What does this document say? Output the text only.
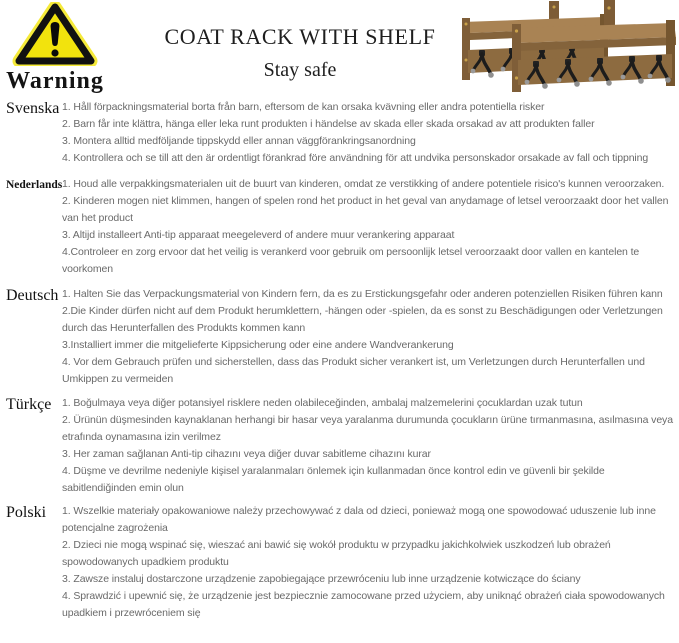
Warning
COAT RACK WITH SHELF
Stay safe
Svenska 1. Håll förpackningsmaterial borta från barn, eftersom de kan orsaka kvävning eller andra potentiella risker

2. Barn får inte klättra, hänga eller leka runt produkten i händelse av skada eller skada orsakad av att produkten faller

3. Montera alltid medföljande tippskydd eller annan väggförankringsanordning

4. Kontrollera och se till att den är ordentligt förankrad före användning för att undvika personskador orsakade av fall och tippning

Nederlands 1. Houd alle verpakkingsmaterialen uit de buurt van kinderen, omdat ze verstikking of andere potentiele risico's kunnen veroorzaken.

2. Kinderen mogen niet klimmen, hangen of spelen rond het product in het geval van anydamage of letsel veroorzaakt door het vallen van het product

3. Altijd installeert Anti-tip apparaat meegeleverd of andere muur verankering apparaat

4.Controleer en zorg ervoor dat het veilig is verankerd voor gebruik om persoonlijk letsel veroorzaakt door vallen en kantelen te voorkomen

Deutsch 1. Halten Sie das Verpackungsmaterial von Kindern fern, da es zu Erstickungsgefahr oder anderen potenziellen Risiken führen kann

2.Die Kinder dürfen nicht auf dem Produkt herumklettern, -hängen oder -spielen, da es sonst zu Beschädigungen oder Verletzungen durch das Herunterfallen des Produkts kommen kann

3.Installiert immer die mitgelieferte Kippsicherung oder eine andere Wandverankerung

4. Vor dem Gebrauch prüfen und sicherstellen, dass das Produkt sicher verankert ist, um Verletzungen durch Herunterfallen und Umkippen zu vermeiden

Türkçe	1. Boğulmaya veya diğer potansiyel risklere neden olabileceğinden, ambalaj malzemelerini çocuklardan uzak tutun

2. Ürünün düşmesinden kaynaklanan herhangi bir hasar veya yaralanma durumunda çocukların ürüne tırmanmasına, asılmasına veya etrafında oynamasına izin verilmez

3. Her zaman sağlanan Anti-tip cihazını veya diğer duvar sabitleme cihazını kurar

4. Düşme ve devrilme nedeniyle kişisel yaralanmaları önlemek için kullanmadan önce kontrol edin ve güvenli bir şekilde sabitlendiğinden emin olun

Polski	1. Wszelkie materiały opakowaniowe należy przechowywać z dala od dzieci, ponieważ mogą one spowodować uduszenie lub inne potencjalne zagrożenia

2. Dzieci nie mogą wspinać się, wieszać ani bawić się wokół produktu w przypadku jakichkolwiek uszkodzeń lub obrażeń spowodowanych upadkiem produktu

3. Zawsze instaluj dostarczone urządzenie zapobiegające przewróceniu lub inne urządzenie kotwiczące do ściany

4. Sprawdzić i upewnić się, że urządzenie jest bezpiecznie zamocowane przed użyciem, aby uniknąć obrażeń ciała spowodowanych upadkiem i przewróceniem się
